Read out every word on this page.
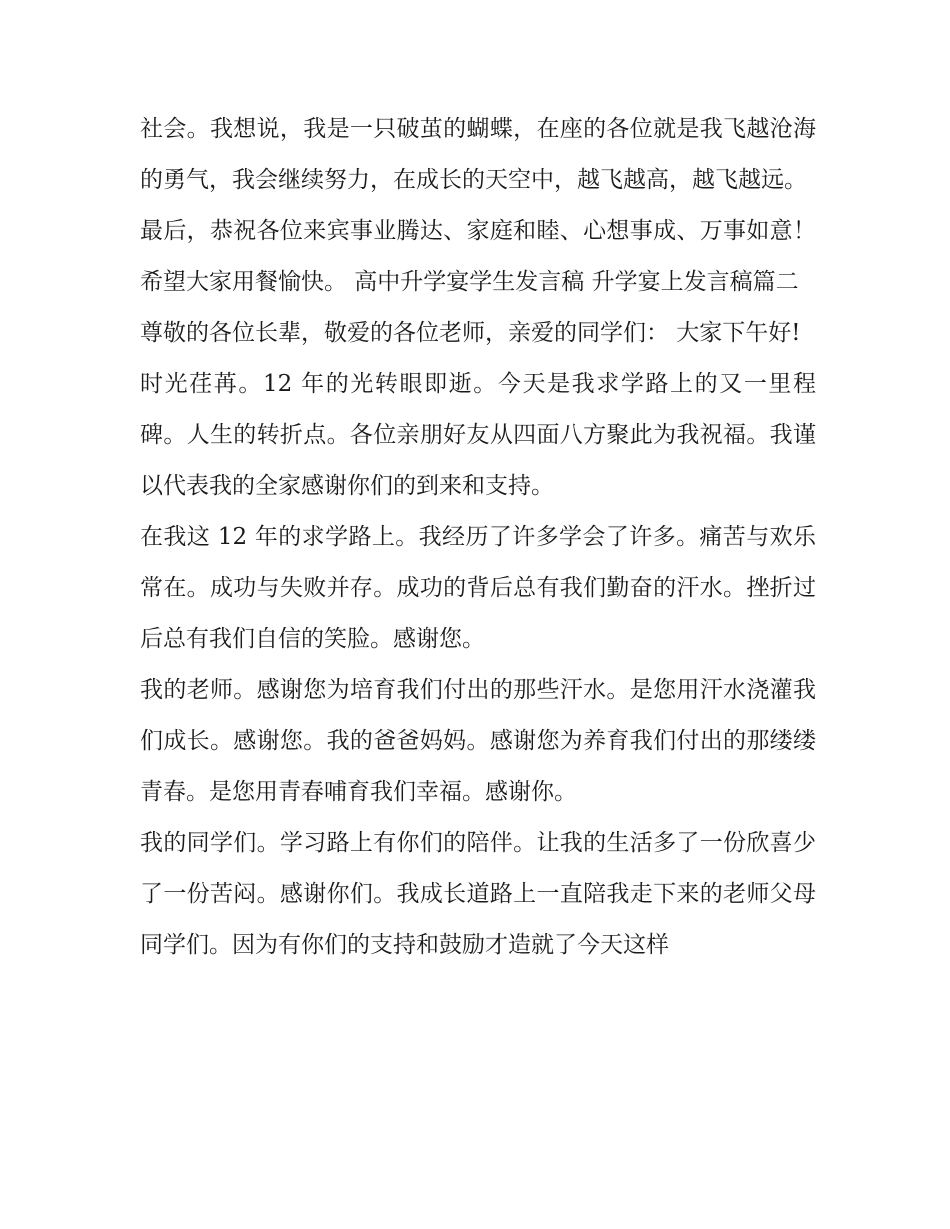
社会。我想说，我是一只破茧的蝴蝶，在座的各位就是我飞越沧海的勇气，我会继续努力，在成长的天空中，越飞越高，越飞越远。

最后，恭祝各位来宾事业腾达、家庭和睦、心想事成、万事如意！希望大家用餐愉快。 高中升学宴学生发言稿 升学宴上发言稿篇二

尊敬的各位长辈，敬爱的各位老师，亲爱的同学们： 大家下午好!

时光荏苒。12 年的光转眼即逝。今天是我求学路上的又一里程碑。人生的转折点。各位亲朋好友从四面八方聚此为我祝福。我谨以代表我的全家感谢你们的到来和支持。

在我这 12 年的求学路上。我经历了许多学会了许多。痛苦与欢乐常在。成功与失败并存。成功的背后总有我们勤奋的汗水。挫折过后总有我们自信的笑脸。感谢您。

我的老师。感谢您为培育我们付出的那些汗水。是您用汗水浇灌我们成长。感谢您。我的爸爸妈妈。感谢您为养育我们付出的那缕缕青春。是您用青春哺育我们幸福。感谢你。

我的同学们。学习路上有你们的陪伴。让我的生活多了一份欣喜少了一份苦闷。感谢你们。我成长道路上一直陪我走下来的老师父母同学们。因为有你们的支持和鼓励才造就了今天这样
